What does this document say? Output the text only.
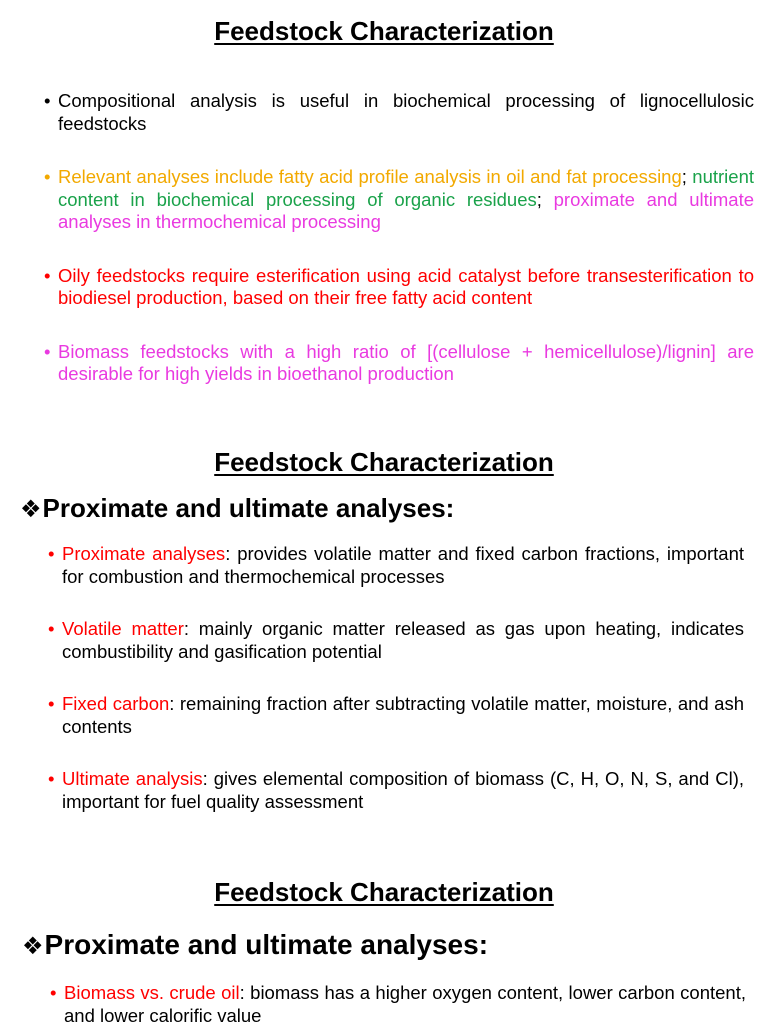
Feedstock Characterization
• Compositional analysis is useful in biochemical processing of lignocellulosic feedstocks
• Relevant analyses include fatty acid profile analysis in oil and fat processing; nutrient content in biochemical processing of organic residues; proximate and ultimate analyses in thermochemical processing
• Oily feedstocks require esterification using acid catalyst before transesterification to biodiesel production, based on their free fatty acid content
• Biomass feedstocks with a high ratio of [(cellulose + hemicellulose)/lignin] are desirable for high yields in bioethanol production
Feedstock Characterization
❖Proximate and ultimate analyses:
• Proximate analyses: provides volatile matter and fixed carbon fractions, important for combustion and thermochemical processes
• Volatile matter: mainly organic matter released as gas upon heating, indicates combustibility and gasification potential
• Fixed carbon: remaining fraction after subtracting volatile matter, moisture, and ash contents
• Ultimate analysis: gives elemental composition of biomass (C, H, O, N, S, and Cl), important for fuel quality assessment
Feedstock Characterization
❖Proximate and ultimate analyses:
• Biomass vs. crude oil: biomass has a higher oxygen content, lower carbon content, and lower calorific value
